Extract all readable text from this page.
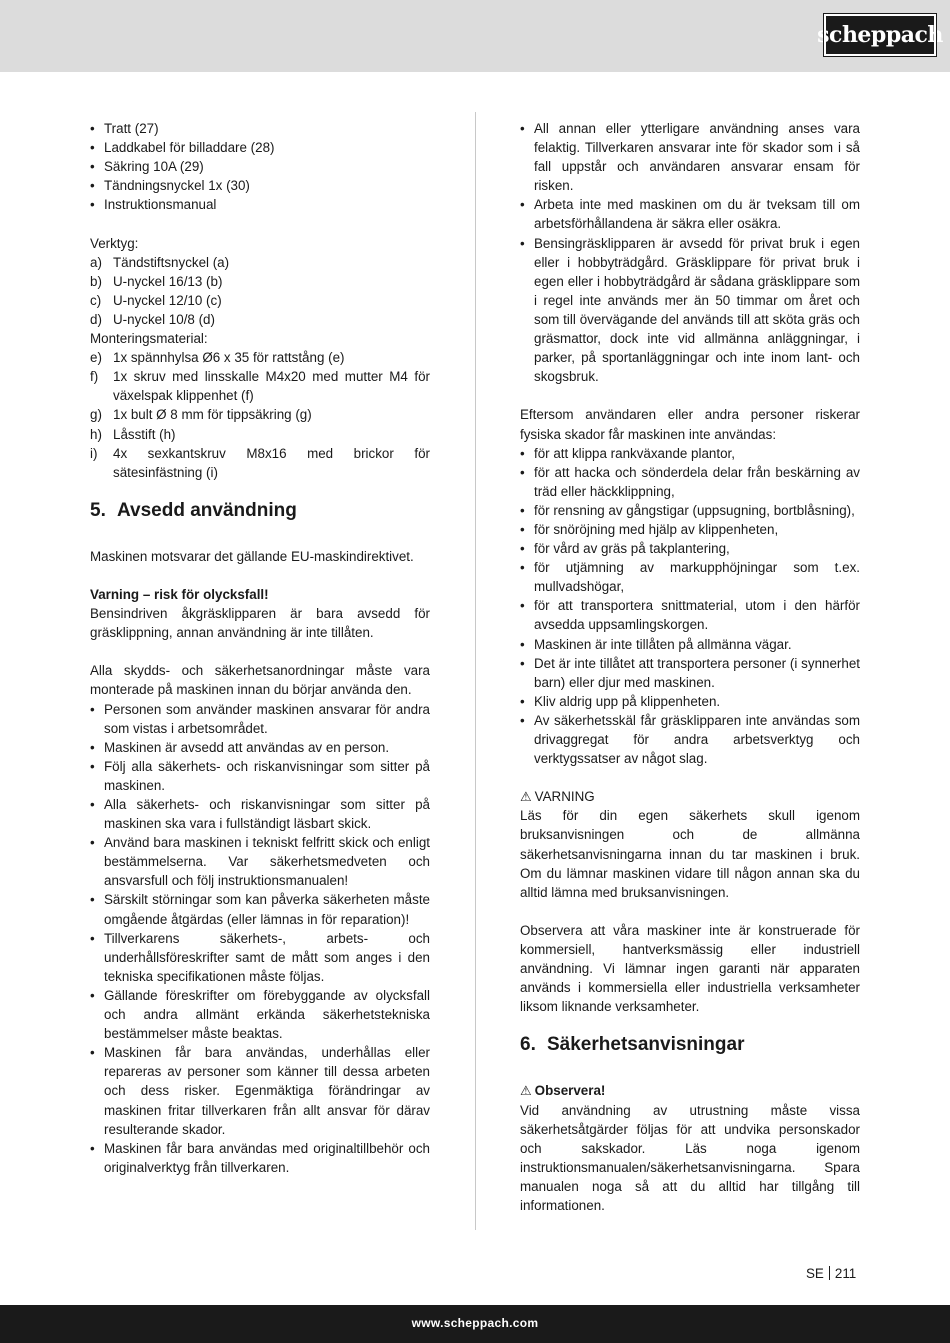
scheppach
• Tratt (27)
• Laddkabel för billaddare (28)
• Säkring 10A (29)
• Tändningsnyckel 1x (30)
• Instruktionsmanual

Verktyg:

a) Tändstiftsnyckel (a)
b) U-nyckel 16/13 (b)
c) U-nyckel 12/10 (c)
d) U-nyckel 10/8 (d)

Monteringsmaterial:

e) 1x spännhylsa Ø6 x 35 för rattstång (e)
f) 1x skruv med linsskalle M4x20 med mutter M4 för växelspak klippenhet (f)
g) 1x bult Ø 8 mm för tippsäkring (g)
h) Låsstift (h)
i) 4x sexkantskruv M8x16 med brickor för sätesinfästning (i)
5. Avsedd användning

Maskinen motsvarar det gällande EU-maskindirektivet.

Varning – risk för olycksfall!

Bensindriven åkgräsklipparen är bara avsedd för gräsklippning, annan användning är inte tillåten.

Alla skydds- och säkerhetsanordningar måste vara monterade på maskinen innan du börjar använda den.

• Personen som använder maskinen ansvarar för andra som vistas i arbetsområdet.
• Maskinen är avsedd att användas av en person.
• Följ alla säkerhets- och riskanvisningar som sitter på maskinen.
• Alla säkerhets- och riskanvisningar som sitter på maskinen ska vara i fullständigt läsbart skick.
• Använd bara maskinen i tekniskt felfritt skick och enligt bestämmelserna. Var säkerhetsmedveten och ansvarsfull och följ instruktionsmanualen!
• Särskilt störningar som kan påverka säkerheten måste omgående åtgärdas (eller lämnas in för reparation)!
• Tillverkarens säkerhets-, arbets- och underhållsföreskrifter samt de mått som anges i den tekniska specifikationen måste följas.
• Gällande föreskrifter om förebyggande av olycksfall och andra allmänt erkända säkerhetstekniska bestämmelser måste beaktas.
• Maskinen får bara användas, underhållas eller repareras av personer som känner till dessa arbeten och dess risker. Egenmäktiga förändringar av maskinen fritar tillverkaren från allt ansvar för därav resulterande skador.
• Maskinen får bara användas med originaltillbehör och originalverktyg från tillverkaren.
• All annan eller ytterligare användning anses vara felaktig. Tillverkaren ansvarar inte för skador som i så fall uppstår och användaren ansvarar ensam för risken.
• Arbeta inte med maskinen om du är tveksam till om arbetsförhållandena är säkra eller osäkra.
• Bensingräsklipparen är avsedd för privat bruk i egen eller i hobbyträdgård. Gräsklippare för privat bruk i egen eller i hobbyträdgård är sådana gräsklippare som i regel inte används mer än 50 timmar om året och som till övervägande del används till att sköta gräs och gräsmattor, dock inte vid allmänna anläggningar, i parker, på sportanläggningar och inte inom lant- och skogsbruk.

Eftersom användaren eller andra personer riskerar fysiska skador får maskinen inte användas:

• för att klippa rankväxande plantor,
• för att hacka och sönderdela delar från beskärning av träd eller häckklippning,
• för rensning av gångstigar (uppsugning, bortblåsning),
• för snöröjning med hjälp av klippenheten,
• för vård av gräs på takplantering,
• för utjämning av markupphöjningar som t.ex. mullvadshögar,
• för att transportera snittmaterial, utom i den härför avsedda uppsamlingskorgen.
• Maskinen är inte tillåten på allmänna vägar.
• Det är inte tillåtet att transportera personer (i synnerhet barn) eller djur med maskinen.
• Kliv aldrig upp på klippenheten.
• Av säkerhetsskäl får gräsklipparen inte användas som drivaggregat för andra arbetsverktyg och verktygssatser av något slag.

⚠ VARNING

Läs för din egen säkerhets skull igenom bruksanvisningen och de allmänna säkerhetsanvisningarna innan du tar maskinen i bruk. Om du lämnar maskinen vidare till någon annan ska du alltid lämna med bruksanvisningen.

Observera att våra maskiner inte är konstruerade för kommersiell, hantverksmässig eller industriell användning. Vi lämnar ingen garanti när apparaten används i kommersiella eller industriella verksamheter liksom liknande verksamheter.

6. Säkerhetsanvisningar

⚠ Observera!

Vid användning av utrustning måste vissa säkerhetsåtgärder följas för att undvika personskador och sakskador. Läs noga igenom instruktionsmanualen/säkerhetsanvisningarna. Spara manualen noga så att du alltid har tillgång till informationen.

SE 211
www.scheppach.com
